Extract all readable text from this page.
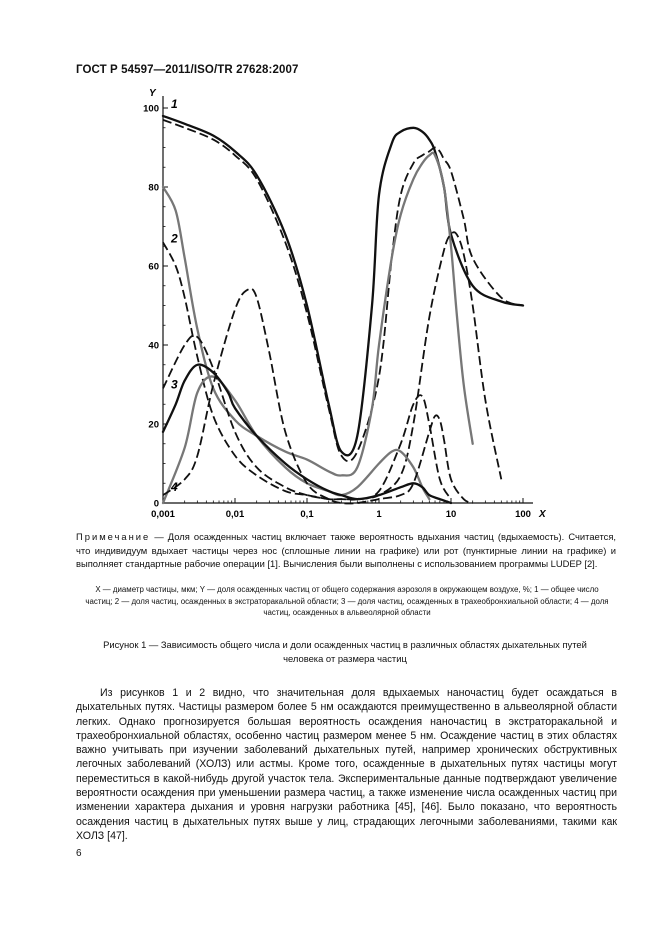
ГОСТ Р 54597—2011/ISO/TR 27628:2007
0,001	0,01	0,1	1	10	100
0
20
40
60
80
100
X
Y
1
2
3
4
Примечание — Доля осажденных частиц включает также вероятность вдыхания частиц (вдыхаемость). Считается, что индивидуум вдыхает частицы через нос (сплошные линии на графике) или рот (пунктирные линии на графике) и выполняет стандартные рабочие операции [1]. Вычисления были выполнены с использованием программы LUDEP [2].
X — диаметр частицы, мкм; Y — доля осажденных частиц от общего содержания аэрозоля в окружающем воздухе, %; 1 — общее число частиц; 2 — доля частиц, осажденных в экстраторакальной области; 3 — доля частиц, осажденных в трахеобронхиальной области; 4 — доля частиц, осажденных в альвеолярной области
Рисунок 1 — Зависимость общего числа и доли осажденных частиц в различных областях дыхательных путей человека от размера частиц
Из рисунков 1 и 2 видно, что значительная доля вдыхаемых наночастиц будет осаждаться в дыхательных путях. Частицы размером более 5 нм осаждаются преимущественно в альвеолярной области легких. Однако прогнозируется большая вероятность осаждения наночастиц в экстраторакальной и трахеобронхиальной областях, особенно частиц размером менее 5 нм. Осаждение частиц в этих областях важно учитывать при изучении заболеваний дыхательных путей, например хронических обструктивных легочных заболеваний (ХОЛЗ) или астмы. Кроме того, осажденные в дыхательных путях частицы могут переместиться в какой-нибудь другой участок тела. Экспериментальные данные подтверждают увеличение вероятности осаждения при уменьшении размера частиц, а также изменение числа осажденных частиц при изменении характера дыхания и уровня нагрузки работника [45], [46]. Было показано, что вероятность осаждения частиц в дыхательных путях выше у лиц, страдающих легочными заболеваниями, такими как ХОЛЗ [47].
6
